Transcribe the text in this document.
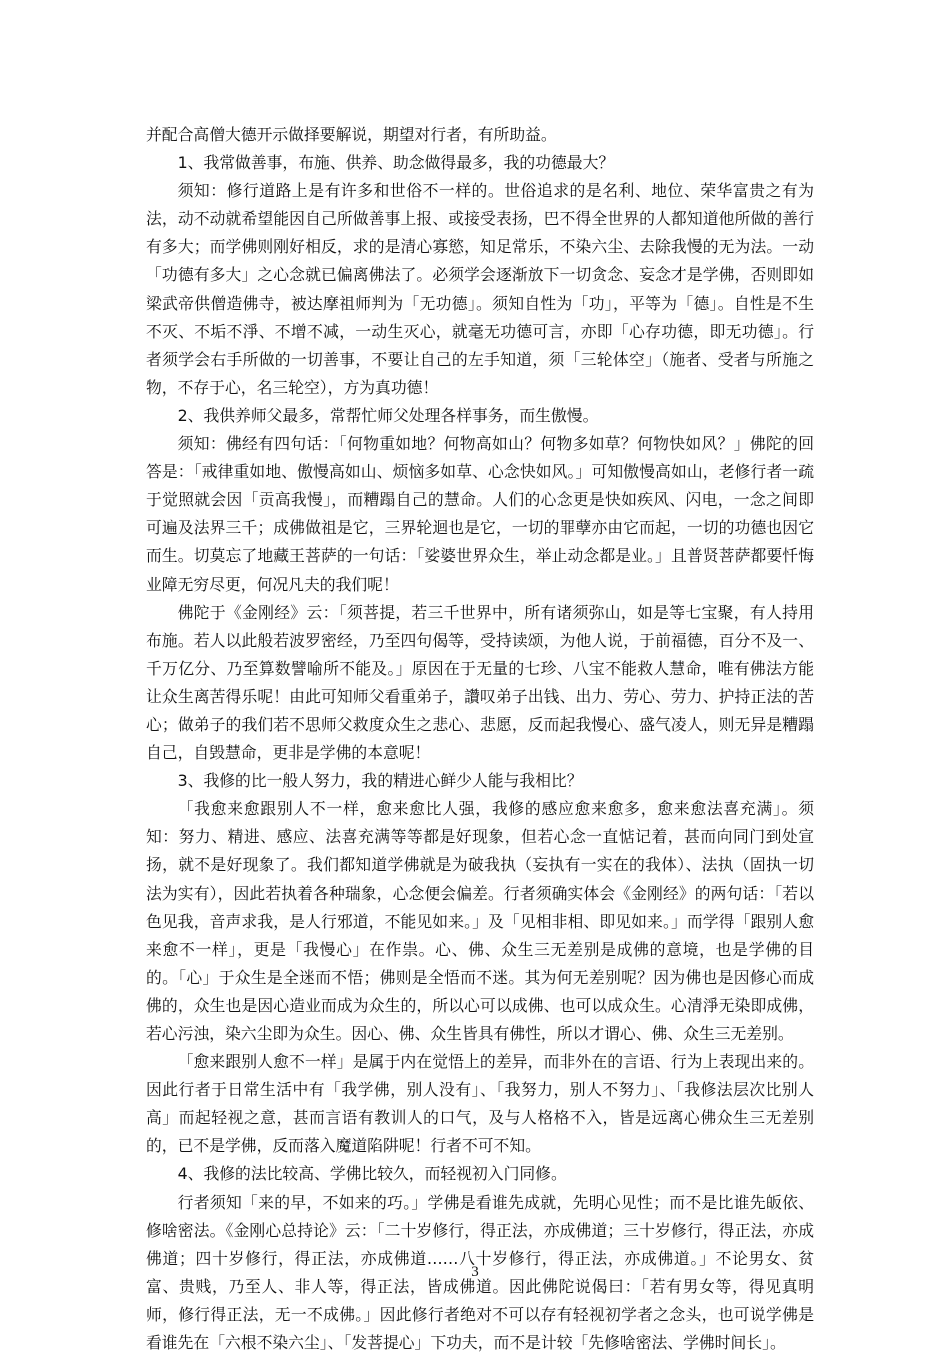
并配合高僧大德开示做择要解说，期望对行者，有所助益。

1、我常做善事，布施、供养、助念做得最多，我的功德最大？

须知：修行道路上是有许多和世俗不一样的。世俗追求的是名利、地位、荣华富贵之有为法，动不动就希望能因自己所做善事上报、或接受表扬，巴不得全世界的人都知道他所做的善行有多大；而学佛则刚好相反，求的是清心寡慾，知足常乐，不染六尘、去除我慢的无为法。一动「功德有多大」之心念就已偏离佛法了。必须学会逐渐放下一切贪念、妄念才是学佛，否则即如梁武帝供僧造佛寺，被达摩祖师判为「无功德」。须知自性为「功」，平等为「德」。自性是不生不灭、不垢不淨、不增不减，一动生灭心，就毫无功德可言，亦即「心存功德，即无功德」。行者须学会右手所做的一切善事，不要让自己的左手知道，须「三轮体空」（施者、受者与所施之物，不存于心，名三轮空），方为真功德！

2、我供养师父最多，常帮忙师父处理各样事务，而生傲慢。

须知：佛经有四句话：「何物重如地？何物高如山？何物多如草？何物快如风？」佛陀的回答是：「戒律重如地、傲慢高如山、烦恼多如草、心念快如风。」可知傲慢高如山，老修行者一疏于觉照就会因「贡高我慢」，而糟蹋自己的慧命。人们的心念更是快如疾风、闪电，一念之间即可遍及法界三千；成佛做祖是它，三界轮迴也是它，一切的罪孽亦由它而起，一切的功德也因它而生。切莫忘了地藏王菩萨的一句话：「娑婆世界众生，举止动念都是业。」且普贤菩萨都要忏悔业障无穷尽更，何况凡夫的我们呢！

佛陀于《金刚经》云：「须菩提，若三千世界中，所有诸须弥山，如是等七宝聚，有人持用布施。若人以此般若波罗密经，乃至四句偈等，受持读颂，为他人说，于前福德，百分不及一、千万亿分、乃至算数譬喻所不能及。」原因在于无量的七珍、八宝不能救人慧命，唯有佛法方能让众生离苦得乐呢！由此可知师父看重弟子，讚叹弟子出钱、出力、劳心、劳力、护持正法的苦心；做弟子的我们若不思师父救度众生之悲心、悲愿，反而起我慢心、盛气凌人，则无异是糟蹋自己，自毁慧命，更非是学佛的本意呢！

3、我修的比一般人努力，我的精进心鲜少人能与我相比？

「我愈来愈跟别人不一样，愈来愈比人强，我修的感应愈来愈多，愈来愈法喜充满」。须知：努力、精进、感应、法喜充满等等都是好现象，但若心念一直惦记着，甚而向同门到处宣扬，就不是好现象了。我们都知道学佛就是为破我执（妄执有一实在的我体）、法执（固执一切法为实有），因此若执着各种瑞象，心念便会偏差。行者须确实体会《金刚经》的两句话：「若以色见我，音声求我，是人行邪道，不能见如来。」及「见相非相、即见如来。」而学得「跟别人愈来愈不一样」，更是「我慢心」在作祟。心、佛、众生三无差别是成佛的意境，也是学佛的目的。「心」于众生是全迷而不悟；佛则是全悟而不迷。其为何无差别呢？因为佛也是因修心而成佛的，众生也是因心造业而成为众生的，所以心可以成佛、也可以成众生。心清淨无染即成佛，若心污浊，染六尘即为众生。因心、佛、众生皆具有佛性，所以才谓心、佛、众生三无差别。

「愈来跟别人愈不一样」是属于内在觉悟上的差异，而非外在的言语、行为上表现出来的。因此行者于日常生活中有「我学佛，别人没有」、「我努力，别人不努力」、「我修法层次比别人高」而起轻视之意，甚而言语有教训人的口气，及与人格格不入，皆是远离心佛众生三无差别的，已不是学佛，反而落入魔道陷阱呢！行者不可不知。

4、我修的法比较高、学佛比较久，而轻视初入门同修。

行者须知「来的早，不如来的巧。」学佛是看谁先成就，先明心见性；而不是比谁先皈依、修啥密法。《金刚心总持论》云：「二十岁修行，得正法，亦成佛道；三十岁修行，得正法，亦成佛道；四十岁修行，得正法，亦成佛道……八十岁修行，得正法，亦成佛道。」不论男女、贫富、贵贱，乃至人、非人等，得正法，皆成佛道。因此佛陀说偈曰：「若有男女等，得见真明师，修行得正法，无一不成佛。」因此修行者绝对不可以存有轻视初学者之念头，也可说学佛是看谁先在「六根不染六尘」、「发菩提心」下功夫，而不是计较「先修啥密法、学佛时间长」。

3
